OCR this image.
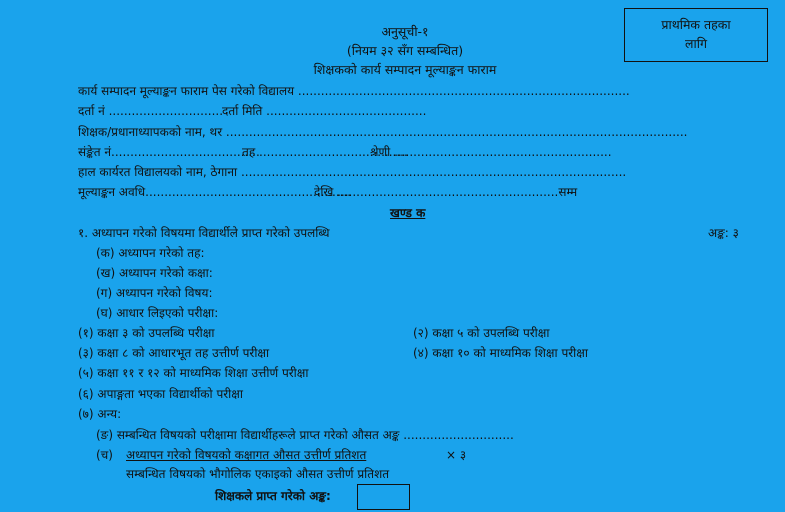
प्राथमिक तहका
लागि
अनुसूची-१
(नियम ३२ सँग सम्बन्धित)
शिक्षकको कार्य सम्पादन मूल्याङ्कन फाराम
कार्य सम्पादन मूल्याङ्कन फाराम पेस गरेको विद्यालय .......................................................................................
दर्ता नं ..............................
दर्ता मिति ..........................................
शिक्षक/प्रधानाध्यापकको नाम, थर .........................................................................................................................
संङ्केत नं.......................................
तह .......................................
श्रेणी .........................................................
हाल कार्यरत विद्यालयको नाम, ठेगाना .....................................................................................................
मूल्याङ्कन अवधि......................................................
देखि ..........................................................सम्म
खण्ड क
१. अध्यापन गरेको विषयमा विद्यार्थीले प्राप्त गरेको उपलब्धि	अङ्क: ३
(क) अध्यापन गरेको तह:
(ख) अध्यापन गरेको कक्षा:
(ग) अध्यापन गरेको विषय:
(घ) आधार लिइएको परीक्षा:
(१) कक्षा ३ को उपलब्धि परीक्षा	(२) कक्षा ५ को उपलब्धि परीक्षा
(३) कक्षा ८ को आधारभूत तह उत्तीर्ण परीक्षा	(४) कक्षा १० को माध्यमिक शिक्षा परीक्षा
(५) कक्षा ११ र १२ को माध्यमिक शिक्षा उत्तीर्ण परीक्षा
(६) अपाङ्गता भएका विद्यार्थीको परीक्षा
(७) अन्य:
(ङ) सम्बन्धित विषयको परीक्षामा विद्यार्थीहरूले प्राप्त गरेको औसत अङ्क .............................
(च) अध्यापन गरेको विषयको कक्षागत औसत उत्तीर्ण प्रतिशत	× ३
सम्बन्धित विषयको भौगोलिक एकाइको औसत उत्तीर्ण प्रतिशत
शिक्षकले प्राप्त गरेको अङ्क:
